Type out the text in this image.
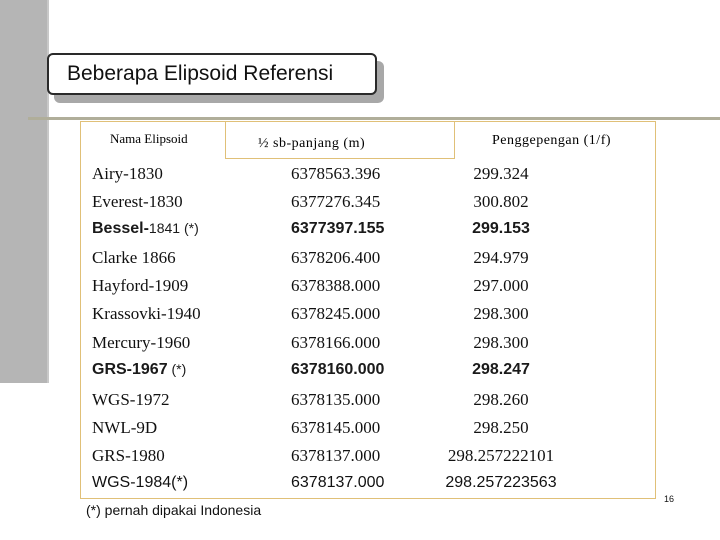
Beberapa Elipsoid Referensi
Nama Elipsoid	½ sb-panjang (m)	Penggepengan (1/f)
Airy-1830	6378563.396	299.324
Everest-1830	6377276.345	300.802
Bessel-1841 (*)	6377397.155	299.153
Clarke 1866	6378206.400	294.979
Hayford-1909	6378388.000	297.000
Krassovki-1940	6378245.000	298.300
Mercury-1960	6378166.000	298.300
GRS-1967 (*)	6378160.000	298.247
WGS-1972	6378135.000	298.260
NWL-9D	6378145.000	298.250
GRS-1980	6378137.000	298.257222101
WGS-1984(*)	6378137.000	298.257223563
(*) pernah dipakai Indonesia
16
